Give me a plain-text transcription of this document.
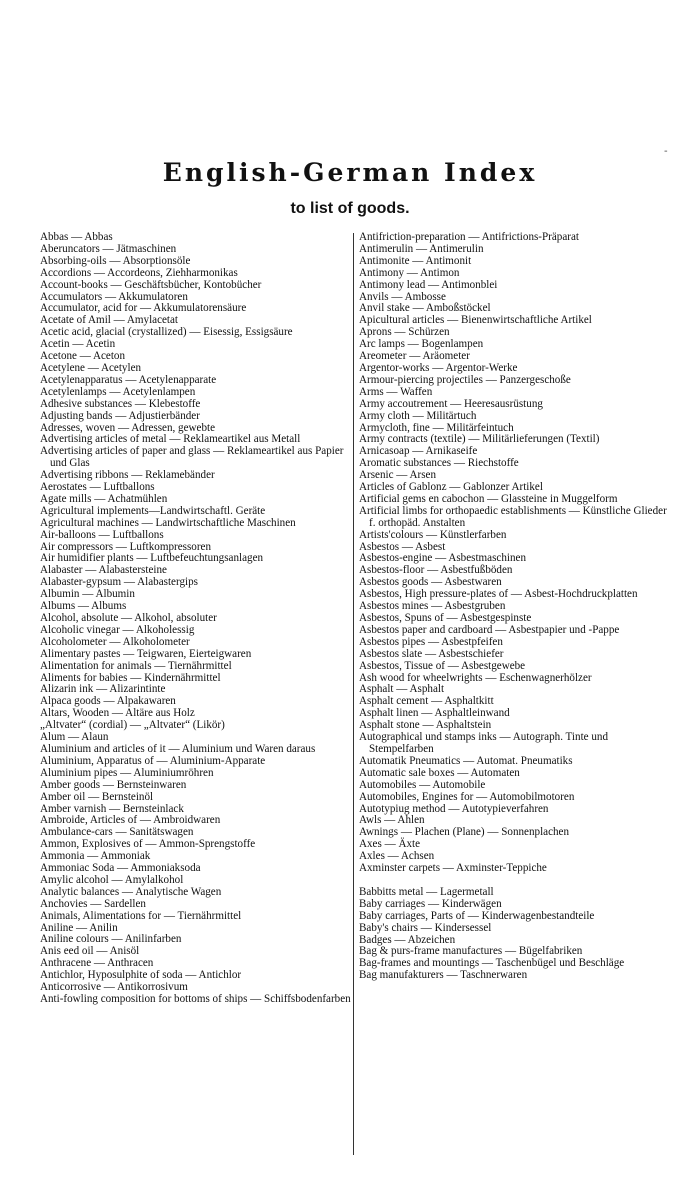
English-German Index
to list of goods.

Abbas — Abbas

Aberuncators — Jätmaschinen

Absorbing-oils — Absorptionsöle

Accordions — Accordeons, Ziehharmonikas

Account-books — Geschäftsbücher, Kontobücher

Accumulators — Akkumulatoren

Accumulator, acid for — Akkumulatorensäure

Acetate of Amil — Amylacetat

Acetic acid, glacial (crystallized) — Eisessig, Essigsäure

Acetin — Acetin

Acetone — Aceton

Acetylene — Acetylen

Acetylenapparatus — Acetylenapparate

Acetylenlamps — Acetylenlampen

Adhesive substances — Klebestoffe

Adjusting bands — Adjustierbänder

Adresses, woven — Adressen, gewebte

Advertising articles of metal — Reklameartikel aus Metall

Advertising articles of paper and glass — Reklameartikel aus Papier und Glas

Advertising ribbons — Reklamebänder

Aerostates — Luftballons

Agate mills — Achatmühlen

Agricultural implements—Landwirtschaftl. Geräte

Agricultural machines — Landwirtschaftliche Maschinen

Air-balloons — Luftballons

Air compressors — Luftkompressoren

Air humidifier plants — Luftbefeuchtungsanlagen

Alabaster — Alabastersteine

Alabaster-gypsum — Alabastergips

Albumin — Albumin

Albums — Albums

Alcohol, absolute — Alkohol, absoluter

Alcoholic vinegar — Alkoholessig

Alcoholometer — Alkoholometer

Alimentary pastes — Teigwaren, Eierteigwaren

Alimentation for animals — Tiernährmittel

Aliments for babies — Kindernährmittel

Alizarin ink — Alizarintinte

Alpaca goods — Alpakawaren

Altars, Wooden — Altäre aus Holz

„Altvater“ (cordial) — „Altvater“ (Likör)

Alum — Alaun

Aluminium and articles of it — Aluminium und Waren daraus

Aluminium, Apparatus of — Aluminium-Apparate

Aluminium pipes — Aluminiumröhren

Amber goods — Bernsteinwaren

Amber oil — Bernsteinöl

Amber varnish — Bernsteinlack

Ambroide, Articles of — Ambroidwaren

Ambulance-cars — Sanitätswagen

Ammon, Explosives of — Ammon-Sprengstoffe

Ammonia — Ammoniak

Ammoniac Soda — Ammoniaksoda

Amylic alcohol — Amylalkohol

Analytic balances — Analytische Wagen

Anchovies — Sardellen

Animals, Alimentations for — Tiernährmittel

Aniline — Anilin

Aniline colours — Anilinfarben

Anis eed oil — Anisöl

Anthracene — Anthracen

Antichlor, Hyposulphite of soda — Antichlor

Anticorrosive — Antikorrosivum

Anti-fowling composition for bottoms of ships — Schiffsbodenfarben

Antifriction-preparation — Antifrictions-Präparat

Antimerulin — Antimerulin

Antimonite — Antimonit

Antimony — Antimon

Antimony lead — Antimonblei

Anvils — Ambosse

Anvil stake — Amboßstöckel

Apicultural articles — Bienenwirtschaftliche Artikel

Aprons — Schürzen

Arc lamps — Bogenlampen

Areometer — Aräometer

Argentor-works — Argentor-Werke

Armour-piercing projectiles — Panzergeschoße

Arms — Waffen

Army accoutrement — Heeresausrüstung

Army cloth — Militärtuch

Armycloth, fine — Militärfeintuch

Army contracts (textile) — Militärlieferungen (Textil)

Arnicasoap — Arnikaseife

Aromatic substances — Riechstoffe

Arsenic — Arsen

Articles of Gablonz — Gablonzer Artikel

Artificial gems en cabochon — Glassteine in Muggelform

Artificial limbs for orthopaedic establishments — Künstliche Glieder f. orthopäd. Anstalten

Artists'colours — Künstlerfarben

Asbestos — Asbest

Asbestos-engine — Asbestmaschinen

Asbestos-floor — Asbestfußböden

Asbestos goods — Asbestwaren

Asbestos, High pressure-plates of — Asbest-Hochdruckplatten

Asbestos mines — Asbestgruben

Asbestos, Spuns of — Asbestgespinste

Asbestos paper and cardboard — Asbestpapier und -Pappe

Asbestos pipes — Asbestpfeifen

Asbestos slate — Asbestschiefer

Asbestos, Tissue of — Asbestgewebe

Ash wood for wheelwrights — Eschenwagnerhölzer

Asphalt — Asphalt

Asphalt cement — Asphaltkitt

Asphalt linen — Asphaltleinwand

Asphalt stone — Asphaltstein

Autographical und stamps inks — Autograph. Tinte und Stempelfarben

Automatik Pneumatics — Automat. Pneumatiks

Automatic sale boxes — Automaten

Automobiles — Automobile

Automobiles, Engines for — Automobilmotoren

Autotypiug method — Autotypieverfahren

Awls — Ahlen

Awnings — Plachen (Plane) — Sonnenplachen

Axes — Äxte

Axles — Achsen

Axminster carpets — Axminster-Teppiche

Babbitts metal — Lagermetall

Baby carriages — Kinderwägen

Baby carriages, Parts of — Kinderwagenbestandteile

Baby's chairs — Kindersessel

Badges — Abzeichen

Bag & purs-frame manufactures — Bügelfabriken

Bag-frames and mountings — Taschenbügel und Beschläge

Bag manufakturers — Taschnerwaren

-
